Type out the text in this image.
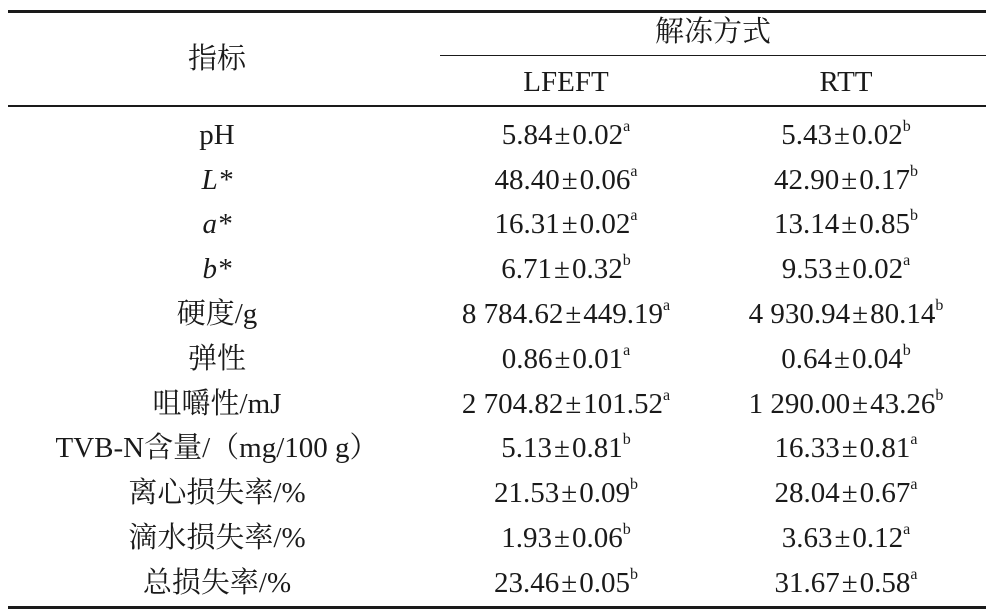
指标	解冻方式	

	LFEFT	RTT
pH	5.84±0.02$^a$	5.43±0.02$^b$
L*	48.40±0.06$^a$	42.90±0.17$^b$
a*	16.31±0.02$^a$	13.14±0.85$^b$
b*	6.71±0.32$^b$	9.53±0.02$^a$
硬度/g	8 784.62±449.19$^a$	4 930.94±80.14$^b$
弹性	0.86±0.01$^a$	0.64±0.04$^b$
咀嚼性/mJ	2 704.82±101.52$^a$	1 290.00±43.26$^b$
TVB-N含量/（mg/100 g）	5.13±0.81$^b$	16.33±0.81$^a$
离心损失率/%	21.53±0.09$^b$	28.04±0.67$^a$
滴水损失率/%	1.93±0.06$^b$	3.63±0.12$^a$
总损失率/%	23.46±0.05$^b$	31.67±0.58$^a$
